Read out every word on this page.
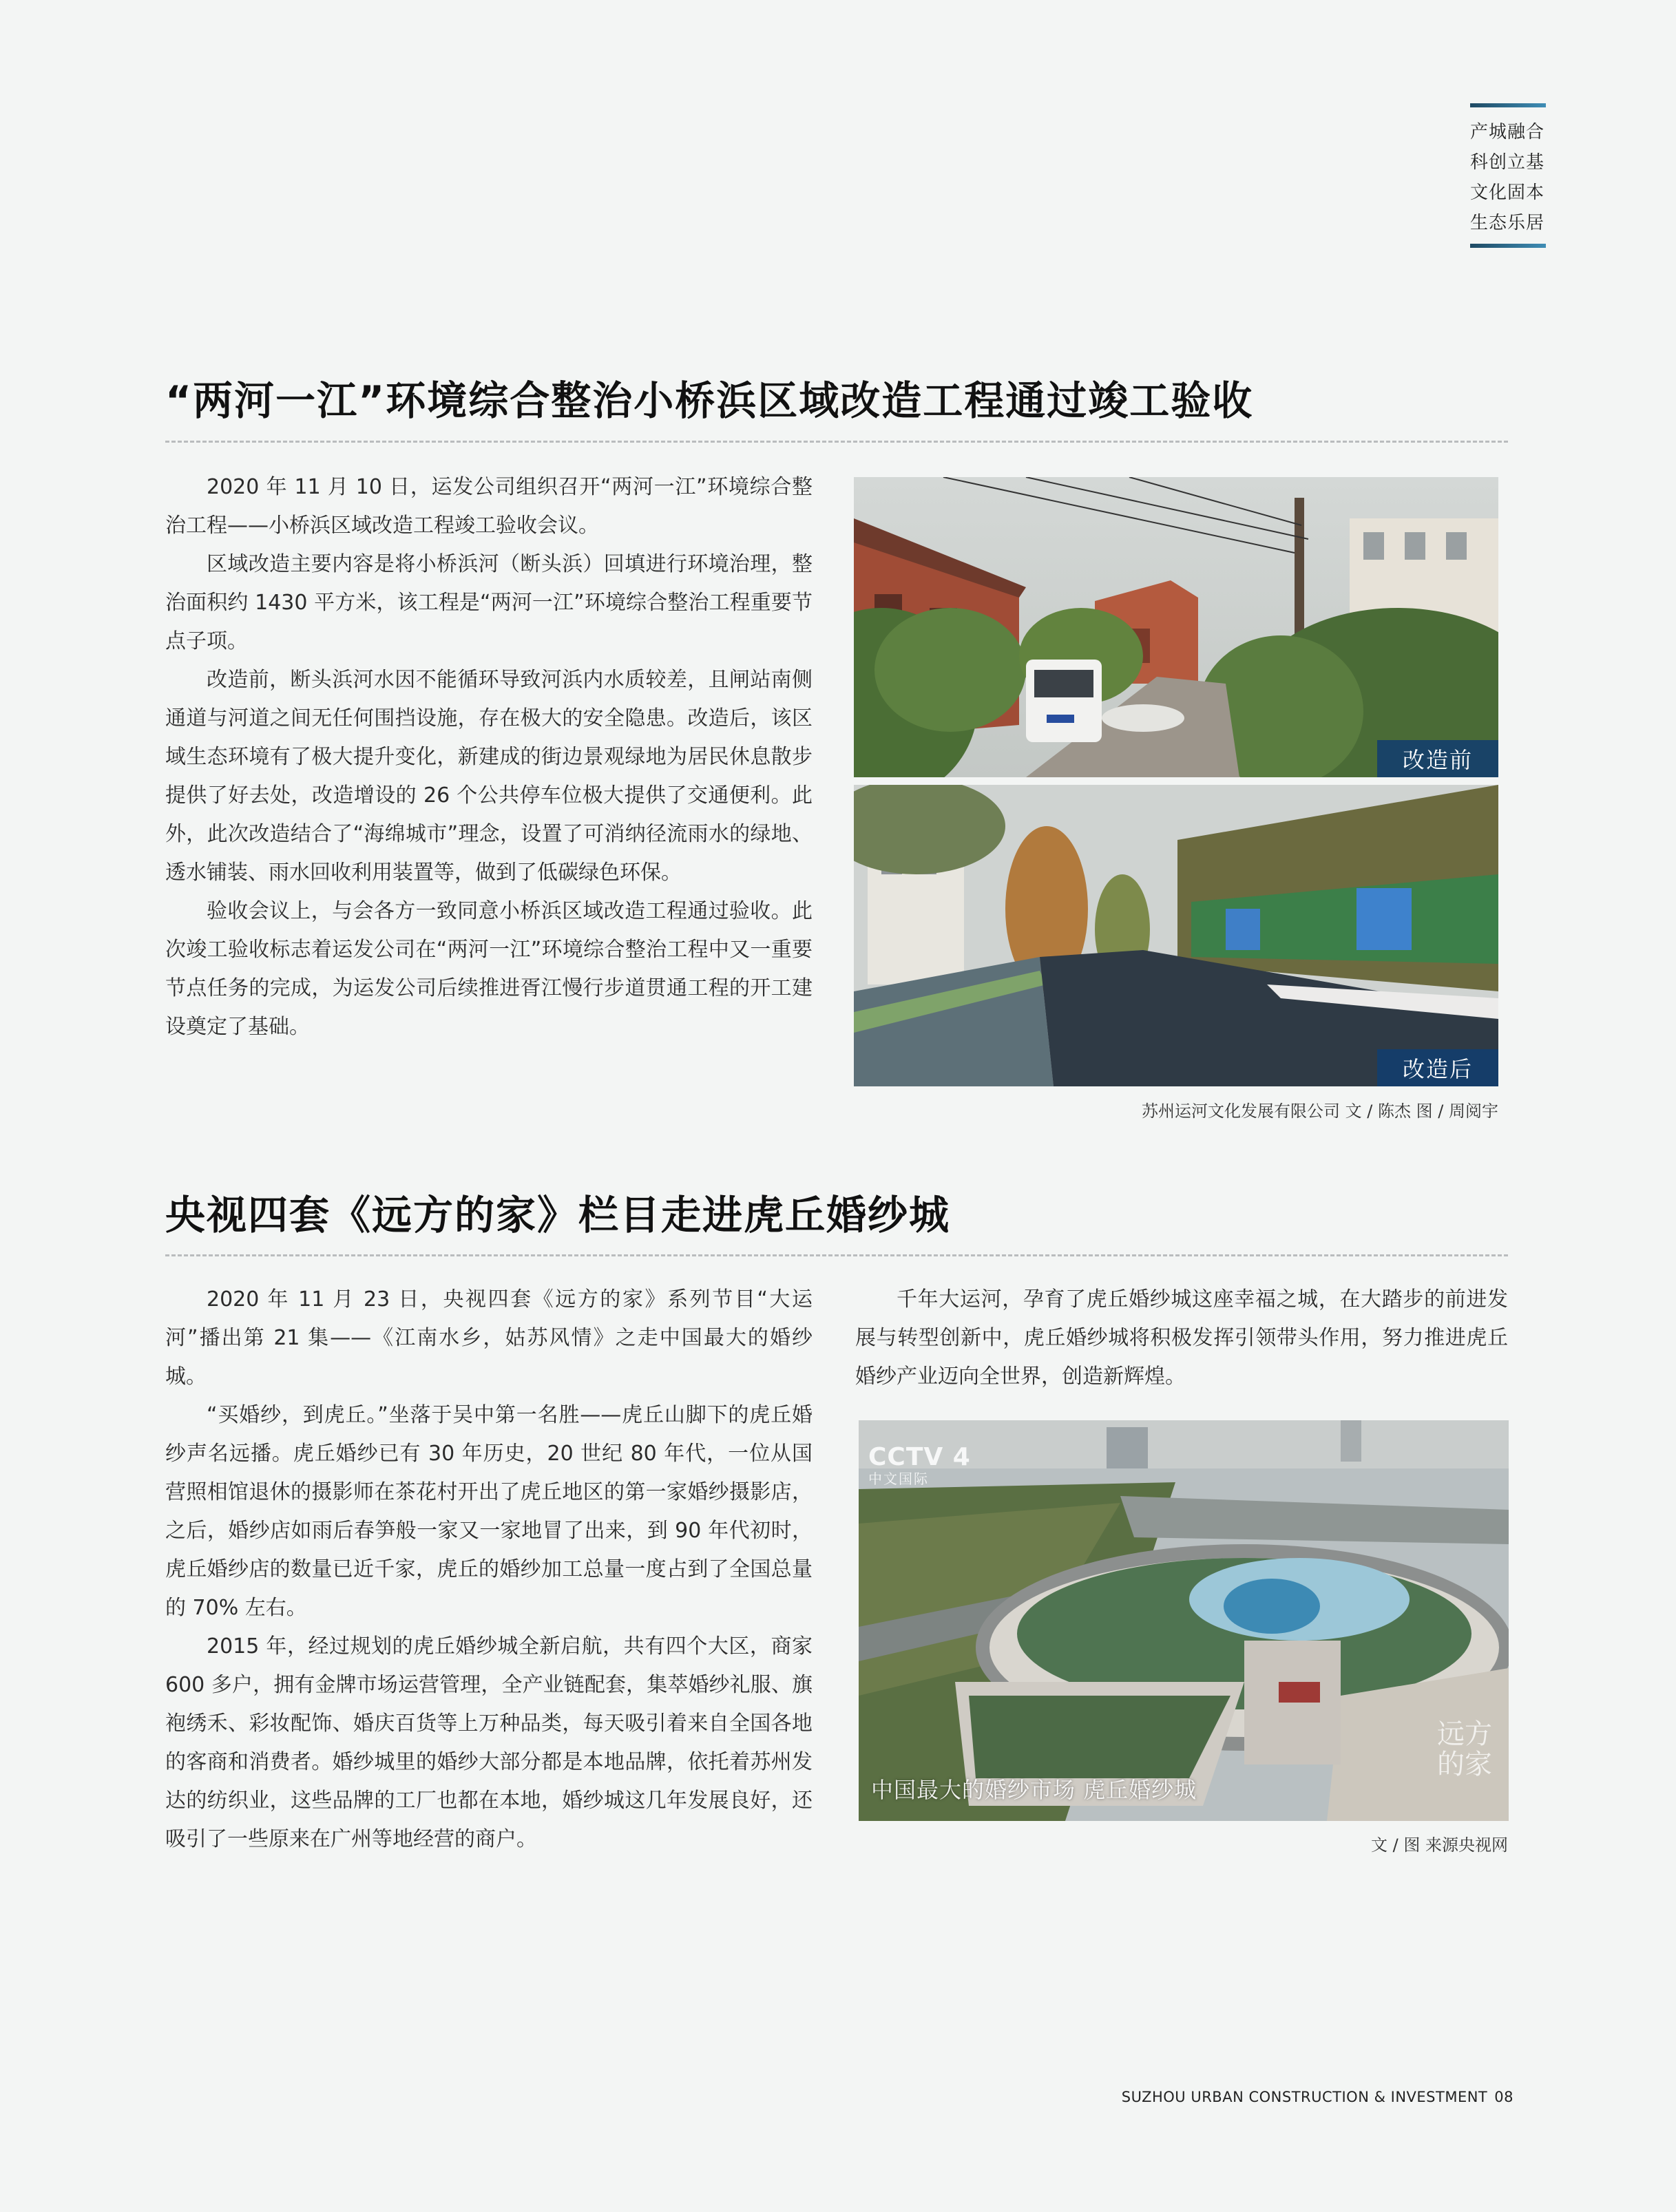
产城融合
科创立基
文化固本
生态乐居
“两河一江”环境综合整治小桥浜区域改造工程通过竣工验收

2020 年 11 月 10 日，运发公司组织召开“两河一江”环境综合整治工程——小桥浜区域改造工程竣工验收会议。

区域改造主要内容是将小桥浜河（断头浜）回填进行环境治理，整治面积约 1430 平方米，该工程是“两河一江”环境综合整治工程重要节点子项。

改造前，断头浜河水因不能循环导致河浜内水质较差，且闸站南侧通道与河道之间无任何围挡设施，存在极大的安全隐患。改造后，该区域生态环境有了极大提升变化，新建成的街边景观绿地为居民休息散步提供了好去处，改造增设的 26 个公共停车位极大提供了交通便利。此外，此次改造结合了“海绵城市”理念，设置了可消纳径流雨水的绿地、透水铺装、雨水回收利用装置等，做到了低碳绿色环保。

验收会议上，与会各方一致同意小桥浜区域改造工程通过验收。此次竣工验收标志着运发公司在“两河一江”环境综合整治工程中又一重要节点任务的完成，为运发公司后续推进胥江慢行步道贯通工程的开工建设奠定了基础。

改造前
改造后
苏州运河文化发展有限公司 文 / 陈杰 图 / 周阅宇
央视四套《远方的家》栏目走进虎丘婚纱城

2020 年 11 月 23 日，央视四套《远方的家》系列节目“大运河”播出第 21 集——《江南水乡，姑苏风情》之走中国最大的婚纱城。

“买婚纱，到虎丘。”坐落于吴中第一名胜——虎丘山脚下的虎丘婚纱声名远播。虎丘婚纱已有 30 年历史，20 世纪 80 年代，一位从国营照相馆退休的摄影师在茶花村开出了虎丘地区的第一家婚纱摄影店，之后，婚纱店如雨后春笋般一家又一家地冒了出来，到 90 年代初时，虎丘婚纱店的数量已近千家，虎丘的婚纱加工总量一度占到了全国总量的 70% 左右。

2015 年，经过规划的虎丘婚纱城全新启航，共有四个大区，商家 600 多户，拥有金牌市场运营管理，全产业链配套，集萃婚纱礼服、旗袍绣禾、彩妆配饰、婚庆百货等上万种品类，每天吸引着来自全国各地的客商和消费者。婚纱城里的婚纱大部分都是本地品牌，依托着苏州发达的纺织业，这些品牌的工厂也都在本地，婚纱城这几年发展良好，还吸引了一些原来在广州等地经营的商户。

千年大运河，孕育了虎丘婚纱城这座幸福之城，在大踏步的前进发展与转型创新中，虎丘婚纱城将积极发挥引领带头作用，努力推进虎丘婚纱产业迈向全世界，创造新辉煌。

CCTV 4
中文国际
远方的家
中国最大的婚纱市场 虎丘婚纱城
文 / 图 来源央视网
SUZHOU URBAN CONSTRUCTION & INVESTMENT 08
